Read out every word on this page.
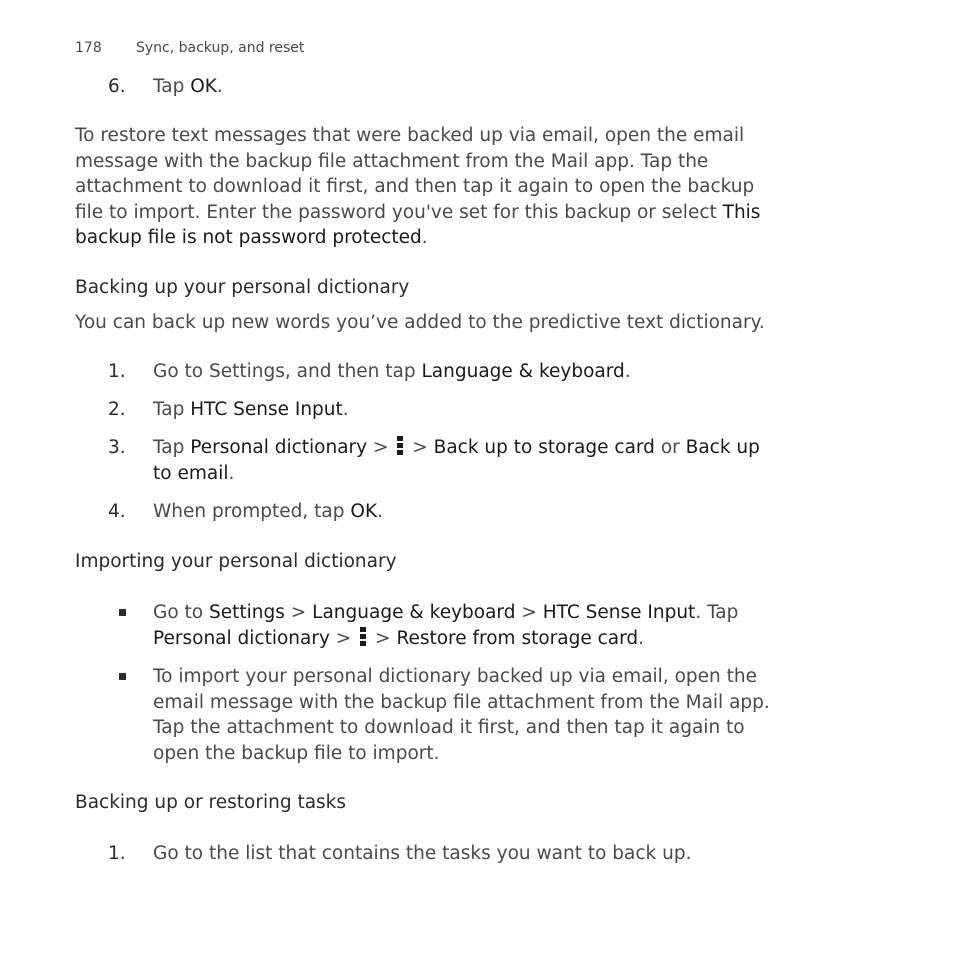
178 Sync, backup, and reset
6.	Tap OK.
To restore text messages that were backed up via email, open the email
message with the backup file attachment from the Mail app. Tap the
attachment to download it first, and then tap it again to open the backup
file to import. Enter the password you've set for this backup or select This
backup file is not password protected.
Backing up your personal dictionary
You can back up new words you’ve added to the predictive text dictionary.
1.	Go to Settings, and then tap Language & keyboard.
2.	Tap HTC Sense Input.
3.	Tap Personal dictionary >
> Back up to storage card or Back up
to email.
4.	When prompted, tap OK.
Importing your personal dictionary
Go to Settings > Language & keyboard > HTC Sense Input. Tap
Personal dictionary >
> Restore from storage card.
To import your personal dictionary backed up via email, open the
email message with the backup file attachment from the Mail app.
Tap the attachment to download it first, and then tap it again to
open the backup file to import.
Backing up or restoring tasks
1.	Go to the list that contains the tasks you want to back up.
